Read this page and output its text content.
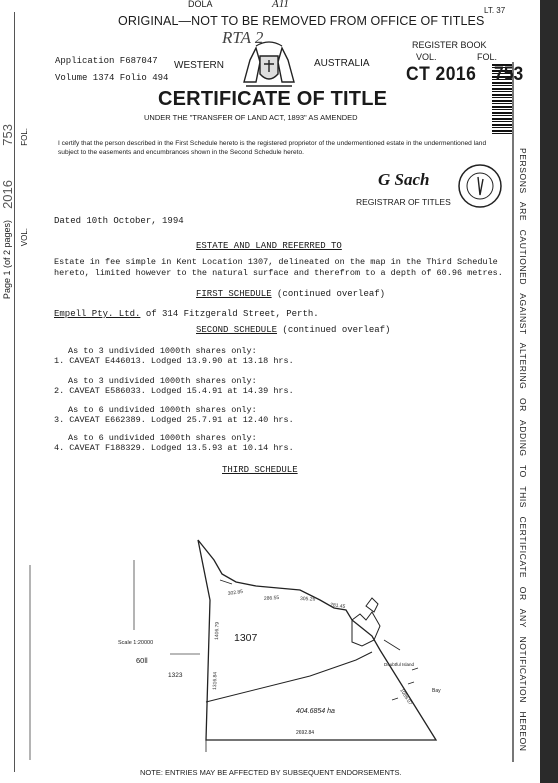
DOLA	A11
ORIGINAL—NOT TO BE REMOVED FROM OFFICE OF TITLES
LT. 37
RTA 2
Application F687047
Volume 1374 Folio 494
WESTERN	AUSTRALIA
REGISTER BOOK
VOL.	FOL.
CT 2016 753
CERTIFICATE OF TITLE
UNDER THE "TRANSFER OF LAND ACT, 1893" AS AMENDED
I certify that the person described in the First Schedule hereto is the registered proprietor of the undermentioned estate in the undermentioned land subject to the easements and encumbrances shown in the Second Schedule hereto.
G Sach
REGISTRAR OF TITLES
Page 1 (of 2 pages) VOL.
2016
FOL.
753
PERSONS ARE CAUTIONED AGAINST ALTERING OR ADDING TO THIS CERTIFICATE OR ANY NOTIFICATION HEREON
Dated 10th October, 1994
ESTATE AND LAND REFERRED TO
Estate in fee simple in Kent Location 1307, delineated on the map in the Third Schedule
hereto, limited however to the natural surface and therefrom to a depth of 60.96 metres.
FIRST SCHEDULE (continued overleaf)
Empell Pty. Ltd. of 314 Fitzgerald Street, Perth.
SECOND SCHEDULE (continued overleaf)
As to 3 undivided 1000th shares only:
1. CAVEAT E446013. Lodged 13.9.90 at 13.18 hrs.
As to 3 undivided 1000th shares only:
2. CAVEAT E586033. Lodged 15.4.91 at 14.39 hrs.
As to 6 undivided 1000th shares only:
3. CAVEAT E662389. Lodged 25.7.91 at 12.40 hrs.
As to 6 undivided 1000th shares only:
4. CAVEAT F188329. Lodged 13.5.93 at 10.14 hrs.
THIRD SCHEDULE
302.85
286.55	305.26
281.45
1406.79
1316.84
1089.07
1307
Scale 1:20000
60ll
1323
404.6854 ha
2692.84
Doubtful Island
Bay
NOTE: ENTRIES MAY BE AFFECTED BY SUBSEQUENT ENDORSEMENTS.
